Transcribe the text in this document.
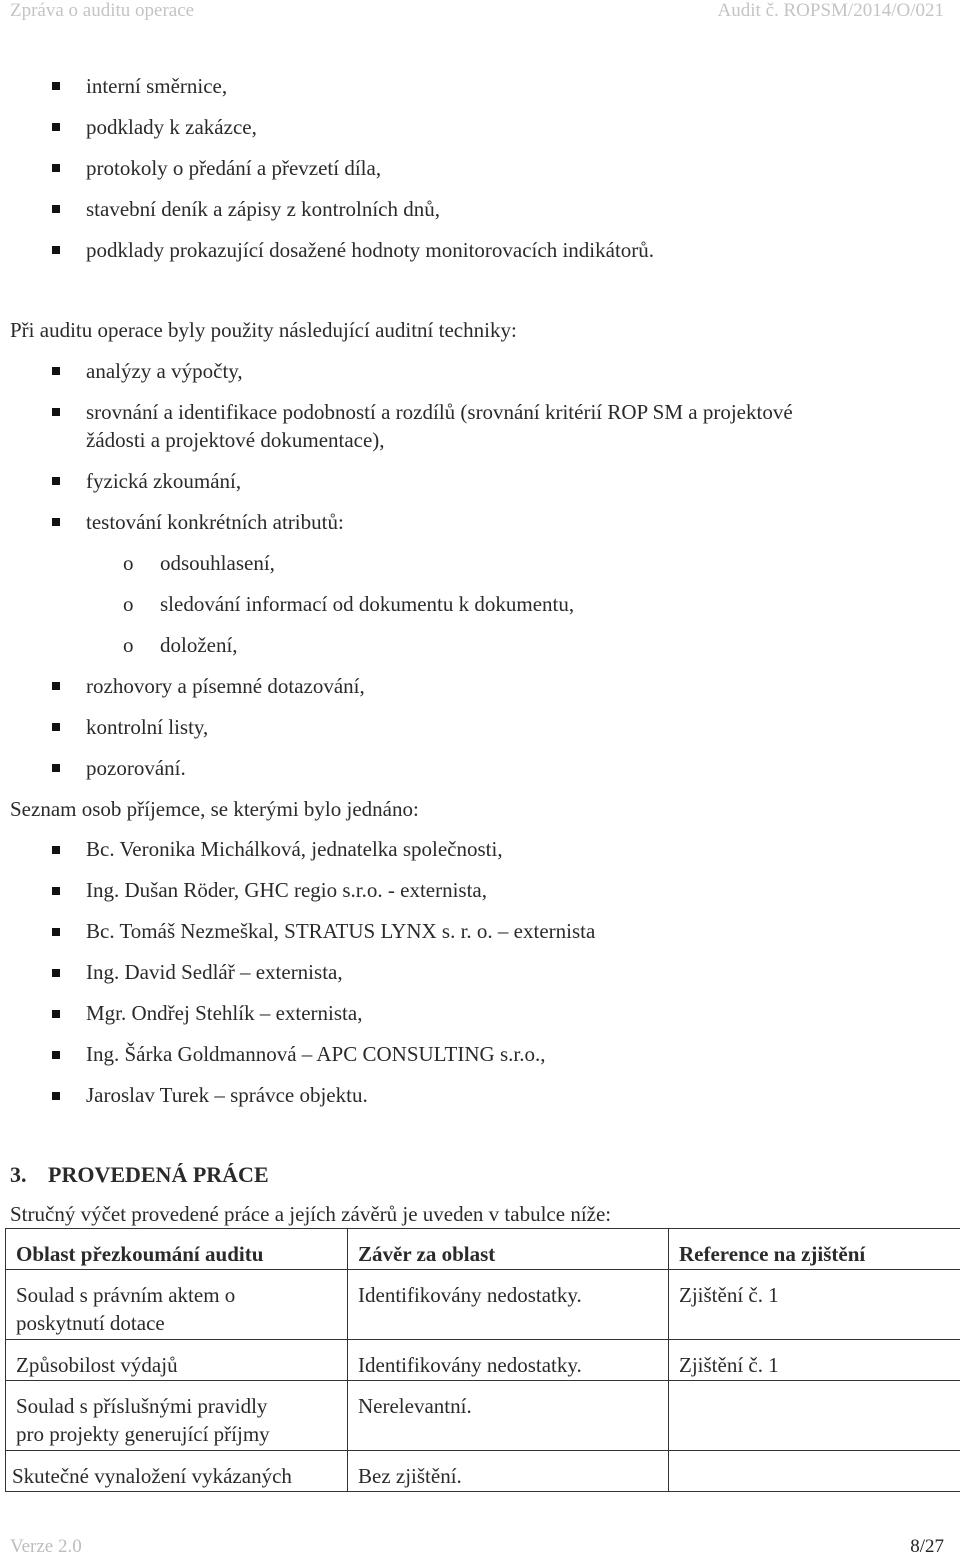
Zpráva o auditu operace	Audit č. ROPSM/2014/O/021
interní směrnice,
podklady k zakázce,
protokoly o předání a převzetí díla,
stavební deník a zápisy z kontrolních dnů,
podklady prokazující dosažené hodnoty monitorovacích indikátorů.
Při auditu operace byly použity následující auditní techniky:
analýzy a výpočty,
srovnání a identifikace podobností a rozdílů (srovnání kritérií ROP SM a projektové
žádosti a projektové dokumentace),
fyzická zkoumání,
testování konkrétních atributů:
o odsouhlasení,
o sledování informací od dokumentu k dokumentu,
o doložení,
rozhovory a písemné dotazování,
kontrolní listy,
pozorování.
Seznam osob příjemce, se kterými bylo jednáno:
Bc. Veronika Michálková, jednatelka společnosti,
Ing. Dušan Röder, GHC regio s.r.o. - externista,
Bc. Tomáš Nezmeškal, STRATUS LYNX s. r. o. – externista
Ing. David Sedlář – externista,
Mgr. Ondřej Stehlík – externista,
Ing. Šárka Goldmannová – APC CONSULTING s.r.o.,
Jaroslav Turek – správce objektu.
3. PROVEDENÁ PRÁCE
Stručný výčet provedené práce a jejích závěrů je uveden v tabulce níže:
Oblast přezkoumání auditu	Závěr za oblast	Reference na zjištění
Soulad s právním aktem o
poskytnutí dotace	Identifikovány nedostatky.	Zjištění č. 1
Způsobilost výdajů	Identifikovány nedostatky.	Zjištění č. 1
Soulad s příslušnými pravidly
pro projekty generující příjmy	Nerelevantní.	
Skutečné vynaložení vykázaných	Bez zjištění.	
Verze 2.0	8/27
